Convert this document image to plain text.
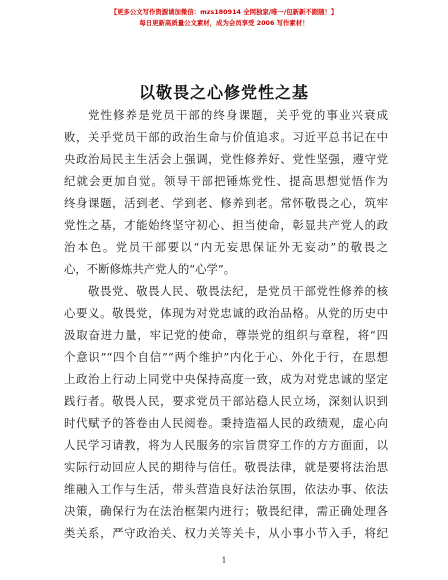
【更多公文写作资源请加微信：mzs180914 全网独家/唯一/包新新不跟随！】
每日更新高质量公文素材，成为会员享受 2006 写作素材！
以敬畏之心修党性之基
党性修养是党员干部的终身课题，关乎党的事业兴衰成
败，关乎党员干部的政治生命与价值追求。习近平总书记在中
央政治局民主生活会上强调，党性修养好、党性坚强，遵守党
纪就会更加自觉。领导干部把锤炼党性、提高思想觉悟作为
终身课题，活到老、学到老、修养到老。常怀敬畏之心，筑牢
党性之基，才能始终坚守初心、担当使命，彰显共产党人的政
治本色。党员干部要以“内无妄思保证外无妄动”的敬畏之
心，不断修炼共产党人的“心学”。
敬畏党、敬畏人民、敬畏法纪，是党员干部党性修养的核
心要义。敬畏党，体现为对党忠诚的政治品格。从党的历史中
汲取奋进力量，牢记党的使命，尊崇党的组织与章程，将“四
个意识”“四个自信”“两个维护”内化于心、外化于行，在思想
上政治上行动上同党中央保持高度一致，成为对党忠诚的坚定
践行者。敬畏人民，要求党员干部站稳人民立场，深刻认识到
时代赋予的答卷由人民阅卷。秉持造福人民的政绩观，虚心向
人民学习请教，将为人民服务的宗旨贯穿工作的方方面面，以
实际行动回应人民的期待与信任。敬畏法律，就是要将法治思
维融入工作与生活，带头营造良好法治氛围，依法办事、依法
决策，确保行为在法治框架内进行；敬畏纪律，需正确处理各
类关系，严守政治关、权力关等关卡，从小事小节入手，将纪
1
